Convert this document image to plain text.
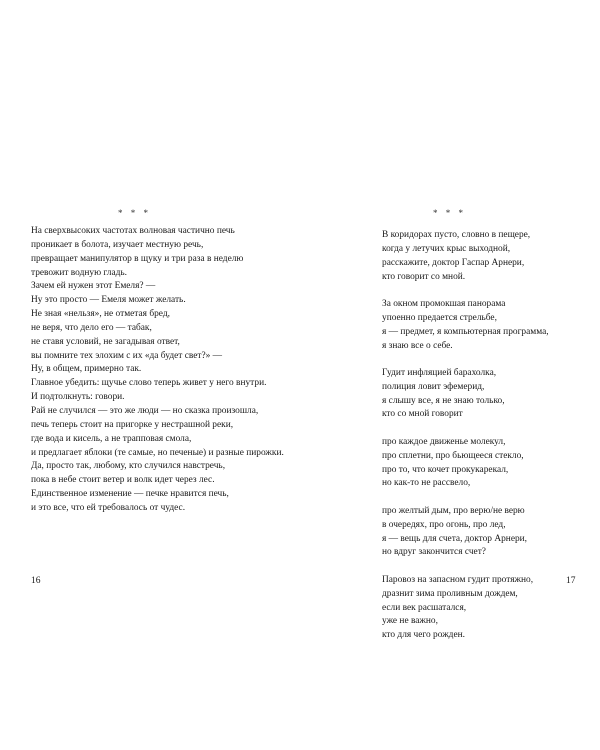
* * *
На сверхвысоких частотах волновая частично печь
проникает в болота, изучает местную речь,
превращает манипулятор в щуку и три раза в неделю
тревожит водную гладь.
Зачем ей нужен этот Емеля? —
Ну это просто — Емеля может желать.
Не зная «нельзя», не отметая бред,
не веря, что дело его — табак,
не ставя условий, не загадывая ответ,
вы помните тех элохим с их «да будет свет?» —
Ну, в общем, примерно так.
Главное убедить: щучье слово теперь живет у него внутри.
И подтолкнуть: говори.
Рай не случился — это же люди — но сказка произошла,
печь теперь стоит на пригорке у нестрашной реки,
где вода и кисель, а не трапповая смола,
и предлагает яблоки (те самые, но печеные) и разные пирожки.
Да, просто так, любому, кто случился навстречь,
пока в небе стоит ветер и волк идет через лес.
Единственное изменение — печке нравится печь,
и это все, что ей требовалось от чудес.
16
* * *
В коридорах пусто, словно в пещере,
когда у летучих крыс выходной,
расскажите, доктор Гаспар Арнери,
кто говорит со мной.
За окном промокшая панорама
упоенно предается стрельбе,
я — предмет, я компьютерная программа,
я знаю все о себе.
Гудит инфляцией барахолка,
полиция ловит эфемерид,
я слышу все, я не знаю только,
кто со мной говорит
про каждое движенье молекул,
про сплетни, про бьющееся стекло,
про то, что кочет прокукарекал,
но как-то не рассвело,
про желтый дым, про верю/не верю
в очередях, про огонь, про лед,
я — вещь для счета, доктор Арнери,
но вдруг закончится счет?
Паровоз на запасном гудит протяжно,
дразнит зима проливным дождем,
если век расшатался,
уже не важно,
кто для чего рожден.
17
